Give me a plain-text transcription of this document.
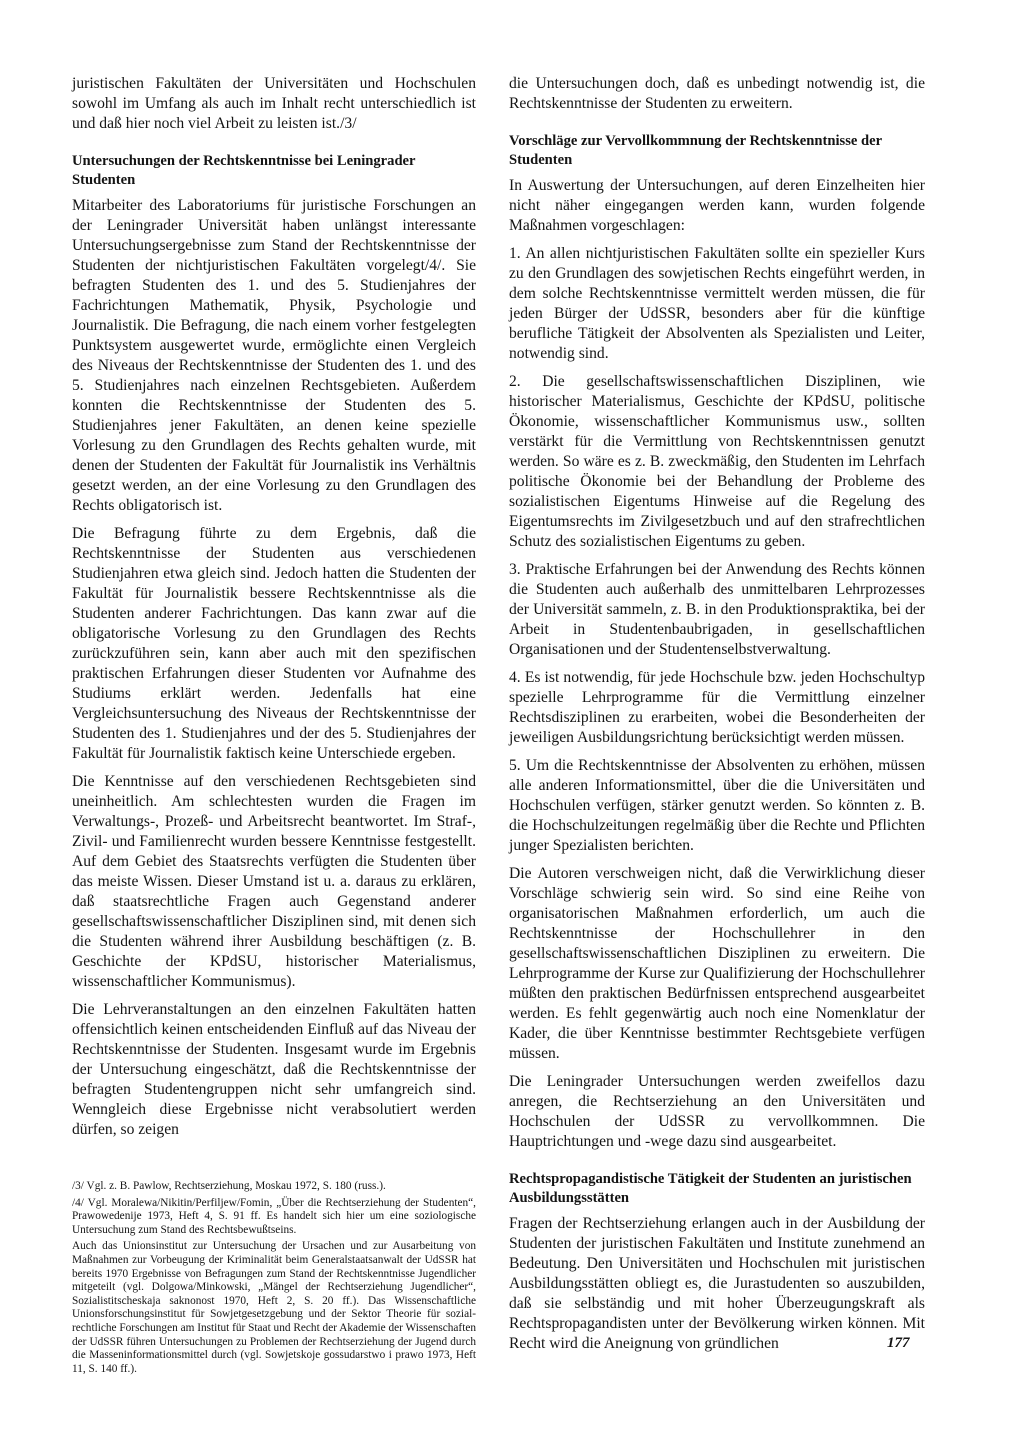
juristischen Fakultäten der Universitäten und Hochschulen sowohl im Umfang als auch im Inhalt recht unterschiedlich ist und daß hier noch viel Arbeit zu leisten ist./3/

Untersuchungen der Rechtskenntnisse bei Leningrader Studenten

Mitarbeiter des Laboratoriums für juristische Forschungen an der Leningrader Universität haben unlängst interessante Untersuchungsergebnisse zum Stand der Rechtskenntnisse der Studenten der nichtjuristischen Fakultäten vorgelegt/4/. Sie befragten Studenten des 1. und des 5. Studienjahres der Fachrichtungen Mathematik, Physik, Psychologie und Journalistik. Die Befragung, die nach einem vorher festgelegten Punktsystem ausgewertet wurde, ermöglichte einen Vergleich des Niveaus der Rechtskenntnisse der Studenten des 1. und des 5. Studienjahres nach einzelnen Rechtsgebieten. Außerdem konnten die Rechtskenntnisse der Studenten des 5. Studienjahres jener Fakultäten, an denen keine spezielle Vorlesung zu den Grundlagen des Rechts gehalten wurde, mit denen der Studenten der Fakultät für Journalistik ins Verhältnis gesetzt werden, an der eine Vorlesung zu den Grundlagen des Rechts obligatorisch ist.

Die Befragung führte zu dem Ergebnis, daß die Rechtskenntnisse der Studenten aus verschiedenen Studienjahren etwa gleich sind. Jedoch hatten die Studenten der Fakultät für Journalistik bessere Rechtskenntnisse als die Studenten anderer Fachrichtungen. Das kann zwar auf die obligatorische Vorlesung zu den Grundlagen des Rechts zurückzuführen sein, kann aber auch mit den spezifischen praktischen Erfahrungen dieser Studenten vor Aufnahme des Studiums erklärt werden. Jedenfalls hat eine Vergleichsuntersuchung des Niveaus der Rechtskenntnisse der Studenten des 1. Studienjahres und der des 5. Studienjahres der Fakultät für Journalistik faktisch keine Unterschiede ergeben.

Die Kenntnisse auf den verschiedenen Rechtsgebieten sind uneinheitlich. Am schlechtesten wurden die Fragen im Verwaltungs-, Prozeß- und Arbeitsrecht beantwortet. Im Straf-, Zivil- und Familienrecht wurden bessere Kenntnisse festgestellt. Auf dem Gebiet des Staatsrechts verfügten die Studenten über das meiste Wissen. Dieser Umstand ist u. a. daraus zu erklären, daß staatsrechtliche Fragen auch Gegenstand anderer gesellschaftswissenschaftlicher Disziplinen sind, mit denen sich die Studenten während ihrer Ausbildung beschäftigen (z. B. Geschichte der KPdSU, historischer Materialismus, wissenschaftlicher Kommunismus).

Die Lehrveranstaltungen an den einzelnen Fakultäten hatten offensichtlich keinen entscheidenden Einfluß auf das Niveau der Rechtskenntnisse der Studenten. Insgesamt wurde im Ergebnis der Untersuchung eingeschätzt, daß die Rechtskenntnisse der befragten Studentengruppen nicht sehr umfangreich sind. Wenngleich diese Ergebnisse nicht verabsolutiert werden dürfen, so zeigen

/3/ Vgl. z. B. Pawlow, Rechtserziehung, Moskau 1972, S. 180 (russ.).

/4/ Vgl. Moralewa/Nikitin/Perfiljew/Fomin, „Über die Rechtserziehung der Studenten“, Prawowedenije 1973, Heft 4, S. 91 ff. Es handelt sich hier um eine soziologische Untersuchung zum Stand des Rechtsbewußtseins.

Auch das Unionsinstitut zur Untersuchung der Ursachen und zur Ausarbeitung von Maßnahmen zur Vorbeugung der Kriminalität beim Generalstaatsanwalt der UdSSR hat bereits 1970 Ergebnisse von Befragungen zum Stand der Rechtskenntnisse Jugendlicher mitgeteilt (vgl. Dolgowa/Minkowski, „Mängel der Rechtserziehung Jugendlicher“, Sozialistitscheskaja saknonost 1970, Heft 2, S. 20 ff.). Das Wissenschaftliche Unionsforschungsinstitut für Sowjetgesetzgebung und der Sektor Theorie für sozial-rechtliche Forschungen am Institut für Staat und Recht der Akademie der Wissenschaften der UdSSR führen Untersuchungen zu Problemen der Rechtserziehung der Jugend durch die Masseninformationsmittel durch (vgl. Sowjetskoje gossudarstwo i prawo 1973, Heft 11, S. 140 ff.).

die Untersuchungen doch, daß es unbedingt notwendig ist, die Rechtskenntnisse der Studenten zu erweitern.

Vorschläge zur Vervollkommnung der Rechtskenntnisse der Studenten

In Auswertung der Untersuchungen, auf deren Einzelheiten hier nicht näher eingegangen werden kann, wurden folgende Maßnahmen vorgeschlagen:

1. An allen nichtjuristischen Fakultäten sollte ein spezieller Kurs zu den Grundlagen des sowjetischen Rechts eingeführt werden, in dem solche Rechtskenntnisse vermittelt werden müssen, die für jeden Bürger der UdSSR, besonders aber für die künftige berufliche Tätigkeit der Absolventen als Spezialisten und Leiter, notwendig sind.

2. Die gesellschaftswissenschaftlichen Disziplinen, wie historischer Materialismus, Geschichte der KPdSU, politische Ökonomie, wissenschaftlicher Kommunismus usw., sollten verstärkt für die Vermittlung von Rechtskenntnissen genutzt werden. So wäre es z. B. zweckmäßig, den Studenten im Lehrfach politische Ökonomie bei der Behandlung der Probleme des sozialistischen Eigentums Hinweise auf die Regelung des Eigentumsrechts im Zivilgesetzbuch und auf den strafrechtlichen Schutz des sozialistischen Eigentums zu geben.

3. Praktische Erfahrungen bei der Anwendung des Rechts können die Studenten auch außerhalb des unmittelbaren Lehrprozesses der Universität sammeln, z. B. in den Produktionspraktika, bei der Arbeit in Studentenbaubrigaden, in gesellschaftlichen Organisationen und der Studentenselbstverwaltung.

4. Es ist notwendig, für jede Hochschule bzw. jeden Hochschultyp spezielle Lehrprogramme für die Vermittlung einzelner Rechtsdisziplinen zu erarbeiten, wobei die Besonderheiten der jeweiligen Ausbildungsrichtung berücksichtigt werden müssen.

5. Um die Rechtskenntnisse der Absolventen zu erhöhen, müssen alle anderen Informationsmittel, über die die Universitäten und Hochschulen verfügen, stärker genutzt werden. So könnten z. B. die Hochschulzeitungen regelmäßig über die Rechte und Pflichten junger Spezialisten berichten.

Die Autoren verschweigen nicht, daß die Verwirklichung dieser Vorschläge schwierig sein wird. So sind eine Reihe von organisatorischen Maßnahmen erforderlich, um auch die Rechtskenntnisse der Hochschullehrer in den gesellschaftswissenschaftlichen Disziplinen zu erweitern. Die Lehrprogramme der Kurse zur Qualifizierung der Hochschullehrer müßten den praktischen Bedürfnissen entsprechend ausgearbeitet werden. Es fehlt gegenwärtig auch noch eine Nomenklatur der Kader, die über Kenntnisse bestimmter Rechtsgebiete verfügen müssen.

Die Leningrader Untersuchungen werden zweifellos dazu anregen, die Rechtserziehung an den Universitäten und Hochschulen der UdSSR zu vervollkommnen. Die Hauptrichtungen und -wege dazu sind ausgearbeitet.

Rechtspropagandistische Tätigkeit der Studenten an juristischen Ausbildungsstätten

Fragen der Rechtserziehung erlangen auch in der Ausbildung der Studenten der juristischen Fakultäten und Institute zunehmend an Bedeutung. Den Universitäten und Hochschulen mit juristischen Ausbildungsstätten obliegt es, die Jurastudenten so auszubilden, daß sie selbständig und mit hoher Überzeugungskraft als Rechtspropagandisten unter der Bevölkerung wirken können. Mit Recht wird die Aneignung von gründlichen	177
